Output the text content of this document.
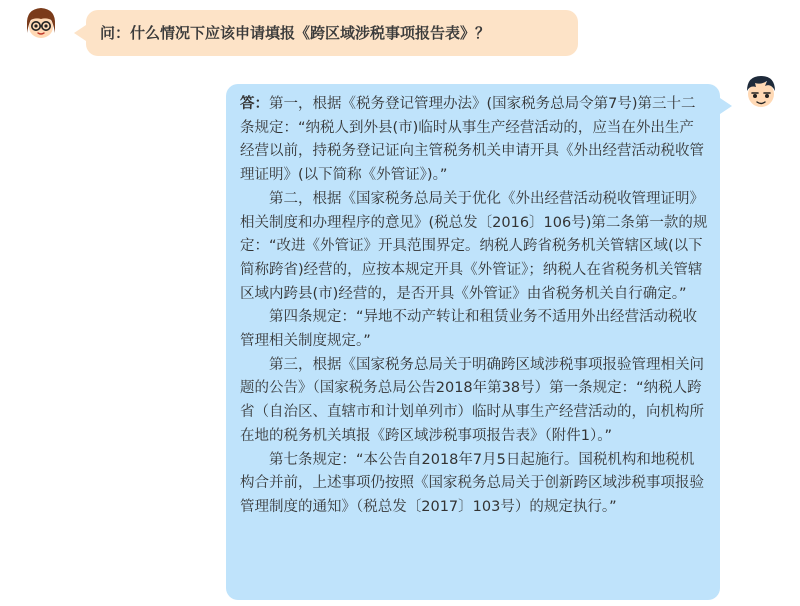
问：什么情况下应该申请填报《跨区域涉税事项报告表》？

答：第一，根据《税务登记管理办法》(国家税务总局令第7号)第三十二条规定：“纳税人到外县(市)临时从事生产经营活动的，应当在外出生产经营以前，持税务登记证向主管税务机关申请开具《外出经营活动税收管理证明》(以下简称《外管证》)。”

第二，根据《国家税务总局关于优化《外出经营活动税收管理证明》相关制度和办理程序的意见》(税总发〔2016〕106号)第二条第一款的规定：“改进《外管证》开具范围界定。纳税人跨省税务机关管辖区域(以下简称跨省)经营的，应按本规定开具《外管证》；纳税人在省税务机关管辖区域内跨县(市)经营的，是否开具《外管证》由省税务机关自行确定。”

第四条规定：“异地不动产转让和租赁业务不适用外出经营活动税收管理相关制度规定。”

第三，根据《国家税务总局关于明确跨区域涉税事项报验管理相关问题的公告》（国家税务总局公告2018年第38号）第一条规定：“纳税人跨省（自治区、直辖市和计划单列市）临时从事生产经营活动的，向机构所在地的税务机关填报《跨区域涉税事项报告表》（附件1）。”

第七条规定：“本公告自2018年7月5日起施行。国税机构和地税机构合并前，上述事项仍按照《国家税务总局关于创新跨区域涉税事项报验管理制度的通知》（税总发〔2017〕103号）的规定执行。”
